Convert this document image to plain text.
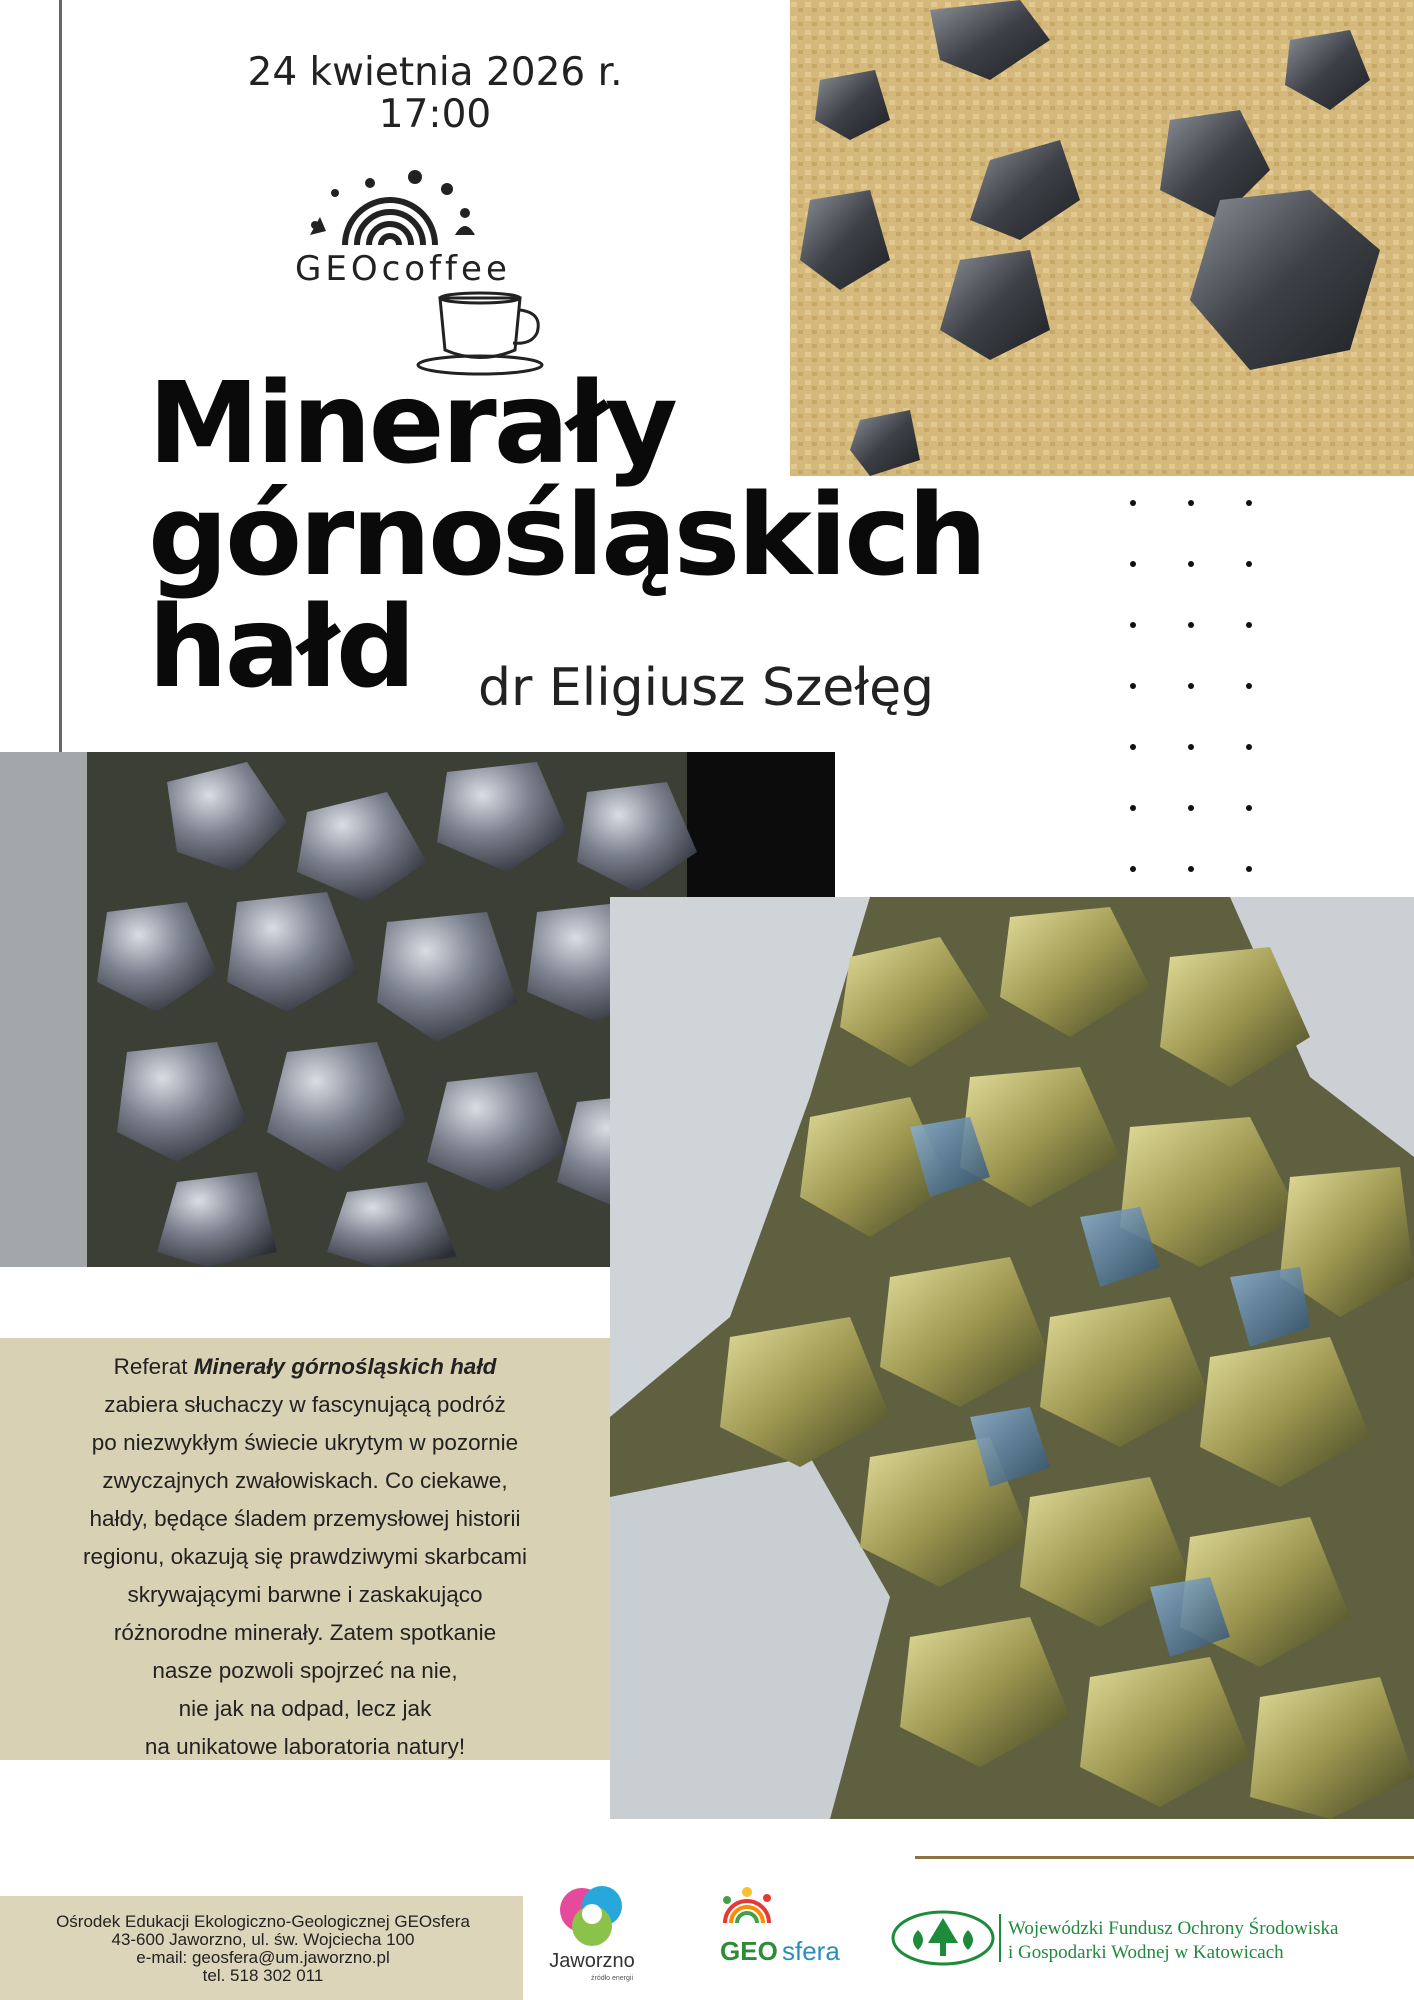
24 kwietnia 2026 r.
17:00
GEOcoffee
Minerały
górnośląskich
hałd	dr Eligiusz Szełęg
Referat Minerały górnośląskich hałd
zabiera słuchaczy w fascynującą podróż
po niezwykłym świecie ukrytym w pozornie
zwyczajnych zwałowiskach. Co ciekawe,
hałdy, będące śladem przemysłowej historii
regionu, okazują się prawdziwymi skarbcami
skrywającymi barwne i zaskakująco
różnorodne minerały. Zatem spotkanie
nasze pozwoli spojrzeć na nie,
nie jak na odpad, lecz jak
na unikatowe laboratoria natury!
Ośrodek Edukacji Ekologiczno-Geologicznej GEOsfera
43-600 Jaworzno, ul. św. Wojciecha 100
e-mail: geosfera@um.jaworzno.pl
tel. 518 302 011
Jaworzno
źródło energii
GEO sfera
Wojewódzki Fundusz Ochrony Środowiska
i Gospodarki Wodnej w Katowicach
